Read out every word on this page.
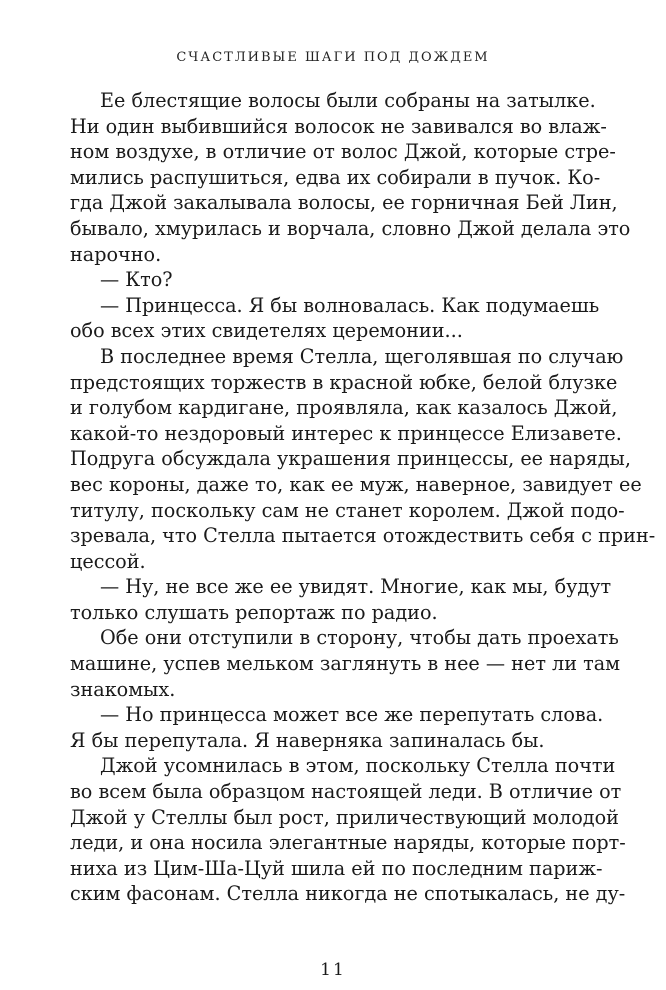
СЧАСТЛИВЫЕ ШАГИ ПОД ДОЖДЕМ
Ее блестящие волосы были собраны на затылке.
Ни один выбившийся волосок не завивался во влаж-
ном воздухе, в отличие от волос Джой, которые стре-
мились распушиться, едва их собирали в пучок. Ко-
гда Джой закалывала волосы, ее горничная Бей Лин,
бывало, хмурилась и ворчала, словно Джой делала это
нарочно.
— Кто?
— Принцесса. Я бы волновалась. Как подумаешь
обо всех этих свидетелях церемонии...
В последнее время Стелла, щеголявшая по случаю
предстоящих торжеств в красной юбке, белой блузке
и голубом кардигане, проявляла, как казалось Джой,
какой-то нездоровый интерес к принцессе Елизавете.
Подруга обсуждала украшения принцессы, ее наряды,
вес короны, даже то, как ее муж, наверное, завидует ее
титулу, поскольку сам не станет королем. Джой подо-
зревала, что Стелла пытается отождествить себя с прин-
цессой.
— Ну, не все же ее увидят. Многие, как мы, будут
только слушать репортаж по радио.
Обе они отступили в сторону, чтобы дать проехать
машине, успев мельком заглянуть в нее — нет ли там
знакомых.
— Но принцесса может все же перепутать слова.
Я бы перепутала. Я наверняка запиналась бы.
Джой усомнилась в этом, поскольку Стелла почти
во всем была образцом настоящей леди. В отличие от
Джой у Стеллы был рост, приличествующий молодой
леди, и она носила элегантные наряды, которые порт-
ниха из Цим-Ша-Цуй шила ей по последним париж-
ским фасонам. Стелла никогда не спотыкалась, не ду-
11
